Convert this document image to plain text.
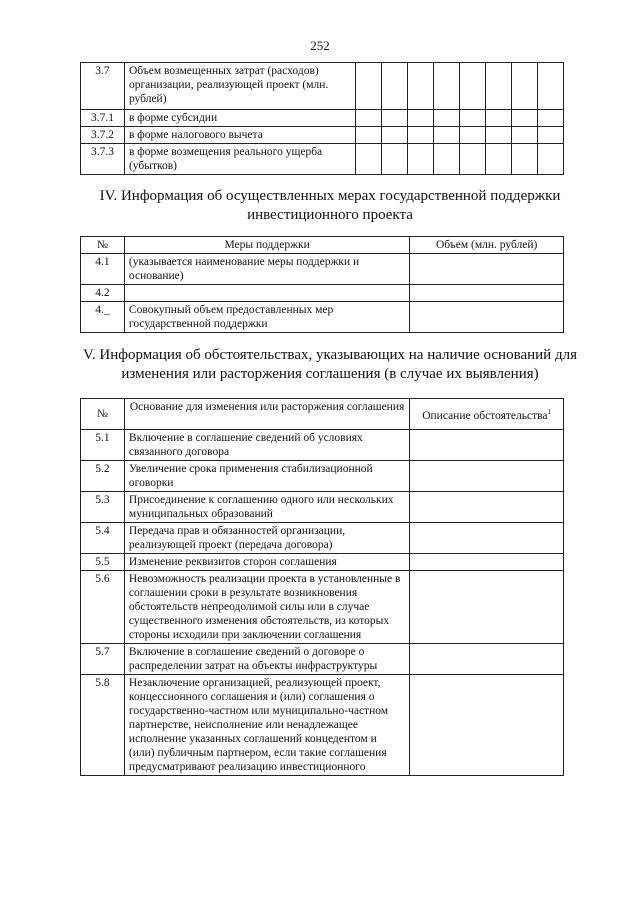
252
3.7	Объем возмещенных затрат (расходов) организации, реализующей проект (млн. рублей)								
3.7.1	в форме субсидии								
3.7.2	в форме налогового вычета								
3.7.3	в форме возмещения реального ущерба (убытков)								
IV. Информация об осуществленных мерах государственной поддержки инвестиционного проекта
№	Меры поддержки	Объем (млн. рублей)
4.1	(указывается наименование меры поддержки и основание)	
4.2		
4._	Совокупный объем предоставленных мер государственной поддержки	
V. Информация об обстоятельствах, указывающих на наличие оснований для изменения или расторжения соглашения (в случае их выявления)
№	Основание для изменения или расторжения соглашения	Описание обстоятельства$^1$
5.1	Включение в соглашение сведений об условиях связанного договора	
5.2	Увеличение срока применения стабилизационной оговорки	
5.3	Присоединение к соглашению одного или нескольких муниципальных образований	
5.4	Передача прав и обязанностей организации, реализующей проект (передача договора)	
5.5	Изменение реквизитов сторон соглашения	
5.6	Невозможность реализации проекта в установленные в соглашении сроки в результате возникновения обстоятельств непреодолимой силы или в случае существенного изменения обстоятельств, из которых стороны исходили при заключении соглашения	
5.7	Включение в соглашение сведений о договоре о распределении затрат на объекты инфраструктуры	
5.8	Незаключение организацией, реализующей проект, концессионного соглашения и (или) соглашения о государственно-частном или муниципально-частном партнерстве, неисполнение или ненадлежащее исполнение указанных соглашений концедентом и (или) публичным партнером, если такие соглашения предусматривают реализацию инвестиционного	
